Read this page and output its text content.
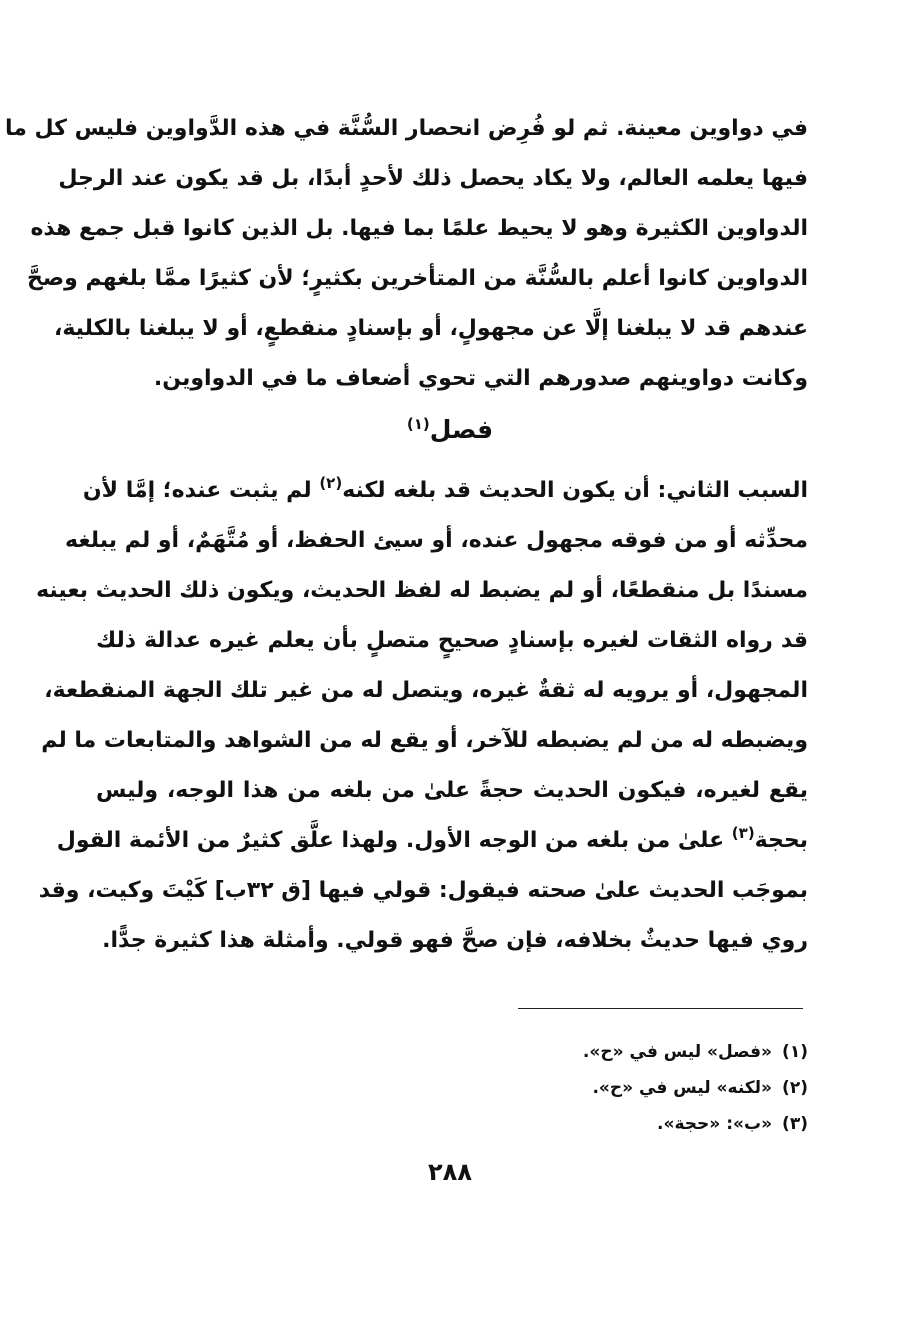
في دواوين معينة. ثم لو فُرِض انحصار السُّنَّة في هذه الدَّواوين فليس كل ما
فيها يعلمه العالم، ولا يكاد يحصل ذلك لأحدٍ أبدًا، بل قد يكون عند الرجل
الدواوين الكثيرة وهو لا يحيط علمًا بما فيها. بل الذين كانوا قبل جمع هذه
الدواوين كانوا أعلم بالسُّنَّة من المتأخرين بكثيرٍ؛ لأن كثيرًا ممَّا بلغهم وصحَّ
عندهم قد لا يبلغنا إلَّا عن مجهولٍ، أو بإسنادٍ منقطعٍ، أو لا يبلغنا بالكلية،
وكانت دواوينهم صدورهم التي تحوي أضعاف ما في الدواوين.
فصل$^{(١)}$
السبب الثاني: أن يكون الحديث قد بلغه لكنه$^{(٢)}$ لم يثبت عنده؛ إمَّا لأن
محدِّثه أو من فوقه مجهول عنده، أو سيئ الحفظ، أو مُتَّهَمٌ، أو لم يبلغه
مسندًا بل منقطعًا، أو لم يضبط له لفظ الحديث، ويكون ذلك الحديث بعينه
قد رواه الثقات لغيره بإسنادٍ صحيحٍ متصلٍ بأن يعلم غيره عدالة ذلك
المجهول، أو يرويه له ثقةٌ غيره، ويتصل له من غير تلك الجهة المنقطعة،
ويضبطه له من لم يضبطه للآخر، أو يقع له من الشواهد والمتابعات ما لم
يقع لغيره، فيكون الحديث حجةً علىٰ من بلغه من هذا الوجه، وليس
بحجة$^{(٣)}$ علىٰ من بلغه من الوجه الأول. ولهذا علَّق كثيرٌ من الأئمة القول
بموجَب الحديث علىٰ صحته فيقول: قولي فيها [ق ٣٢ب] كَيْتَ وكيت، وقد
روي فيها حديثٌ بخلافه، فإن صحَّ فهو قولي. وأمثلة هذا كثيرة جدًّا.
(١)«فصل» ليس في «ح».
(٢)«لكنه» ليس في «ح».
(٣)«ب»: «حجة».
٢٨٨
